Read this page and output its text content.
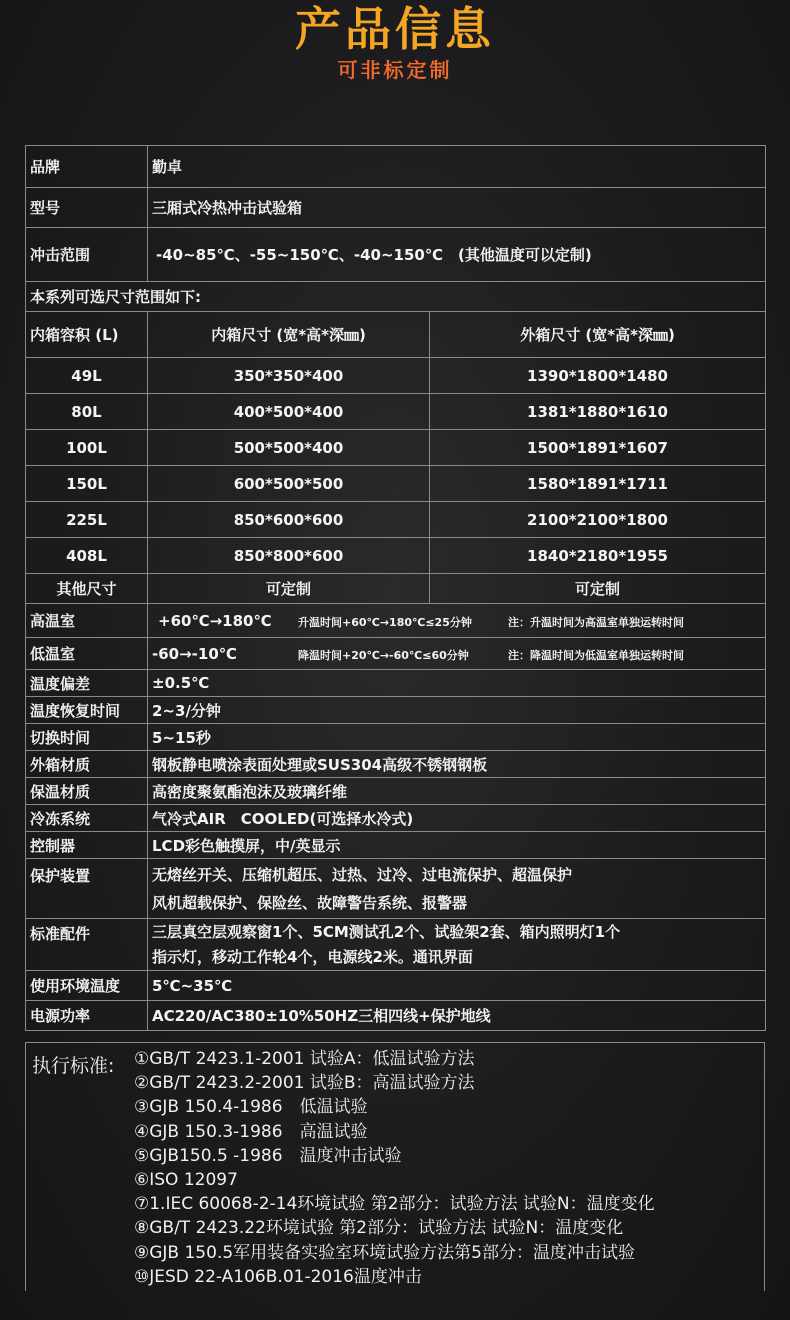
产品信息
可非标定制
品牌	勤卓	
型号	三厢式冷热冲击试验箱	
冲击范围	-40~85℃、-55~150℃、-40~150℃　(其他温度可以定制)	
本系列可选尺寸范围如下:		
内箱容积 (L)	内箱尺寸 (宽*高*深㎜)	外箱尺寸 (宽*高*深㎜)
49L	350*350*400	1390*1800*1480
80L	400*500*400	1381*1880*1610
100L	500*500*400	1500*1891*1607
150L	600*500*500	1580*1891*1711
225L	850*600*600	2100*2100*1800
408L	850*800*600	1840*2180*1955
其他尺寸	可定制	可定制
高温室	+60℃→180℃ 升温时间+60℃→180℃≤25分钟 注：升温时间为高温室单独运转时间	
低温室	-60→-10℃ 降温时间+20℃→-60℃≤60分钟 注：降温时间为低温室单独运转时间	
温度偏差	±0.5℃	
温度恢复时间	2~3/分钟	
切换时间	5~15秒	
外箱材质	钢板静电喷涂表面处理或SUS304高级不锈钢钢板	
保温材质	高密度聚氨酯泡沫及玻璃纤维	
冷冻系统	气冷式AIR　COOLED(可选择水冷式)	
控制器	LCD彩色触摸屏，中/英显示	
保护装置	无熔丝开关、压缩机超压、过热、过冷、过电流保护、超温保护
风机超载保护、保险丝、故障警告系统、报警器	

标准配件	三层真空层观察窗1个、5CM测试孔2个、试验架2套、箱内照明灯1个
指示灯，移动工作轮4个，电源线2米。通讯界面	

使用环境温度	5℃~35℃	
电源功率	AC220/AC380±10%50HZ三相四线+保护地线	
执行标准: ①GB/T 2423.1-2001 试验A：低温试验方法
②GB/T 2423.2-2001 试验B：高温试验方法
③GJB 150.4-1986　低温试验
④GJB 150.3-1986　高温试验
⑤GJB150.5 -1986　温度冲击试验
⑥ISO 12097
⑦1.IEC 60068-2-14环境试验 第2部分：试验方法 试验N：温度变化
⑧GB/T 2423.22环境试验 第2部分：试验方法 试验N：温度变化
⑨GJB 150.5军用装备实验室环境试验方法第5部分：温度冲击试验
⑩JESD 22-A106B.01-2016温度冲击
